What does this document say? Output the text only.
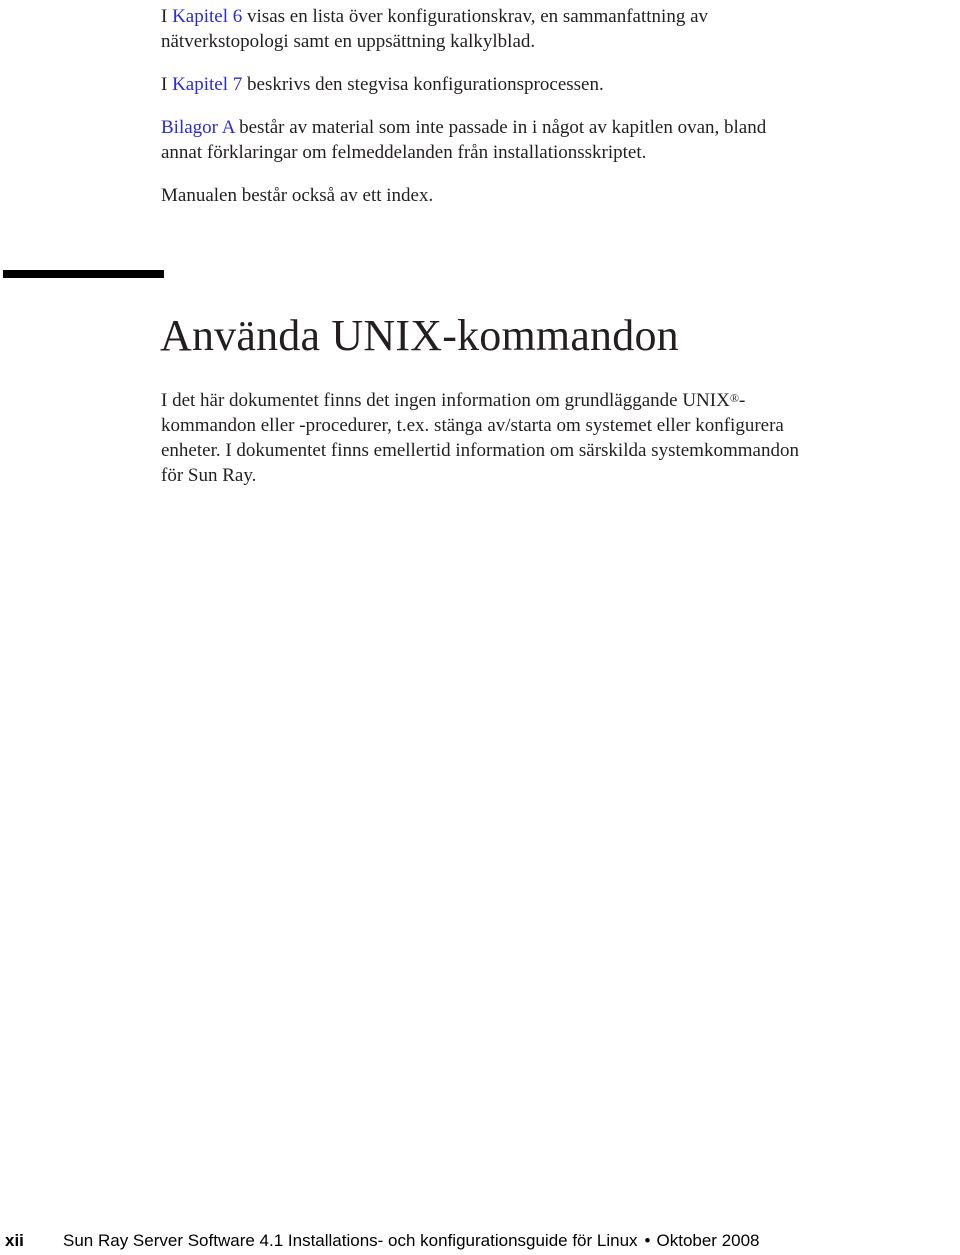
I Kapitel 6 visas en lista över konfigurationskrav, en sammanfattning av
nätverkstopologi samt en uppsättning kalkylblad.

I Kapitel 7 beskrivs den stegvisa konfigurationsprocessen.

Bilagor A består av material som inte passade in i något av kapitlen ovan, bland
annat förklaringar om felmeddelanden från installationsskriptet.

Manualen består också av ett index.

Använda UNIX-kommandon

I det här dokumentet finns det ingen information om grundläggande UNIX®-
kommandon eller -procedurer, t.ex. stänga av/starta om systemet eller konfigurera
enheter. I dokumentet finns emellertid information om särskilda systemkommandon
för Sun Ray.

xii Sun Ray Server Software 4.1 Installations- och konfigurationsguide för Linux • Oktober 2008
